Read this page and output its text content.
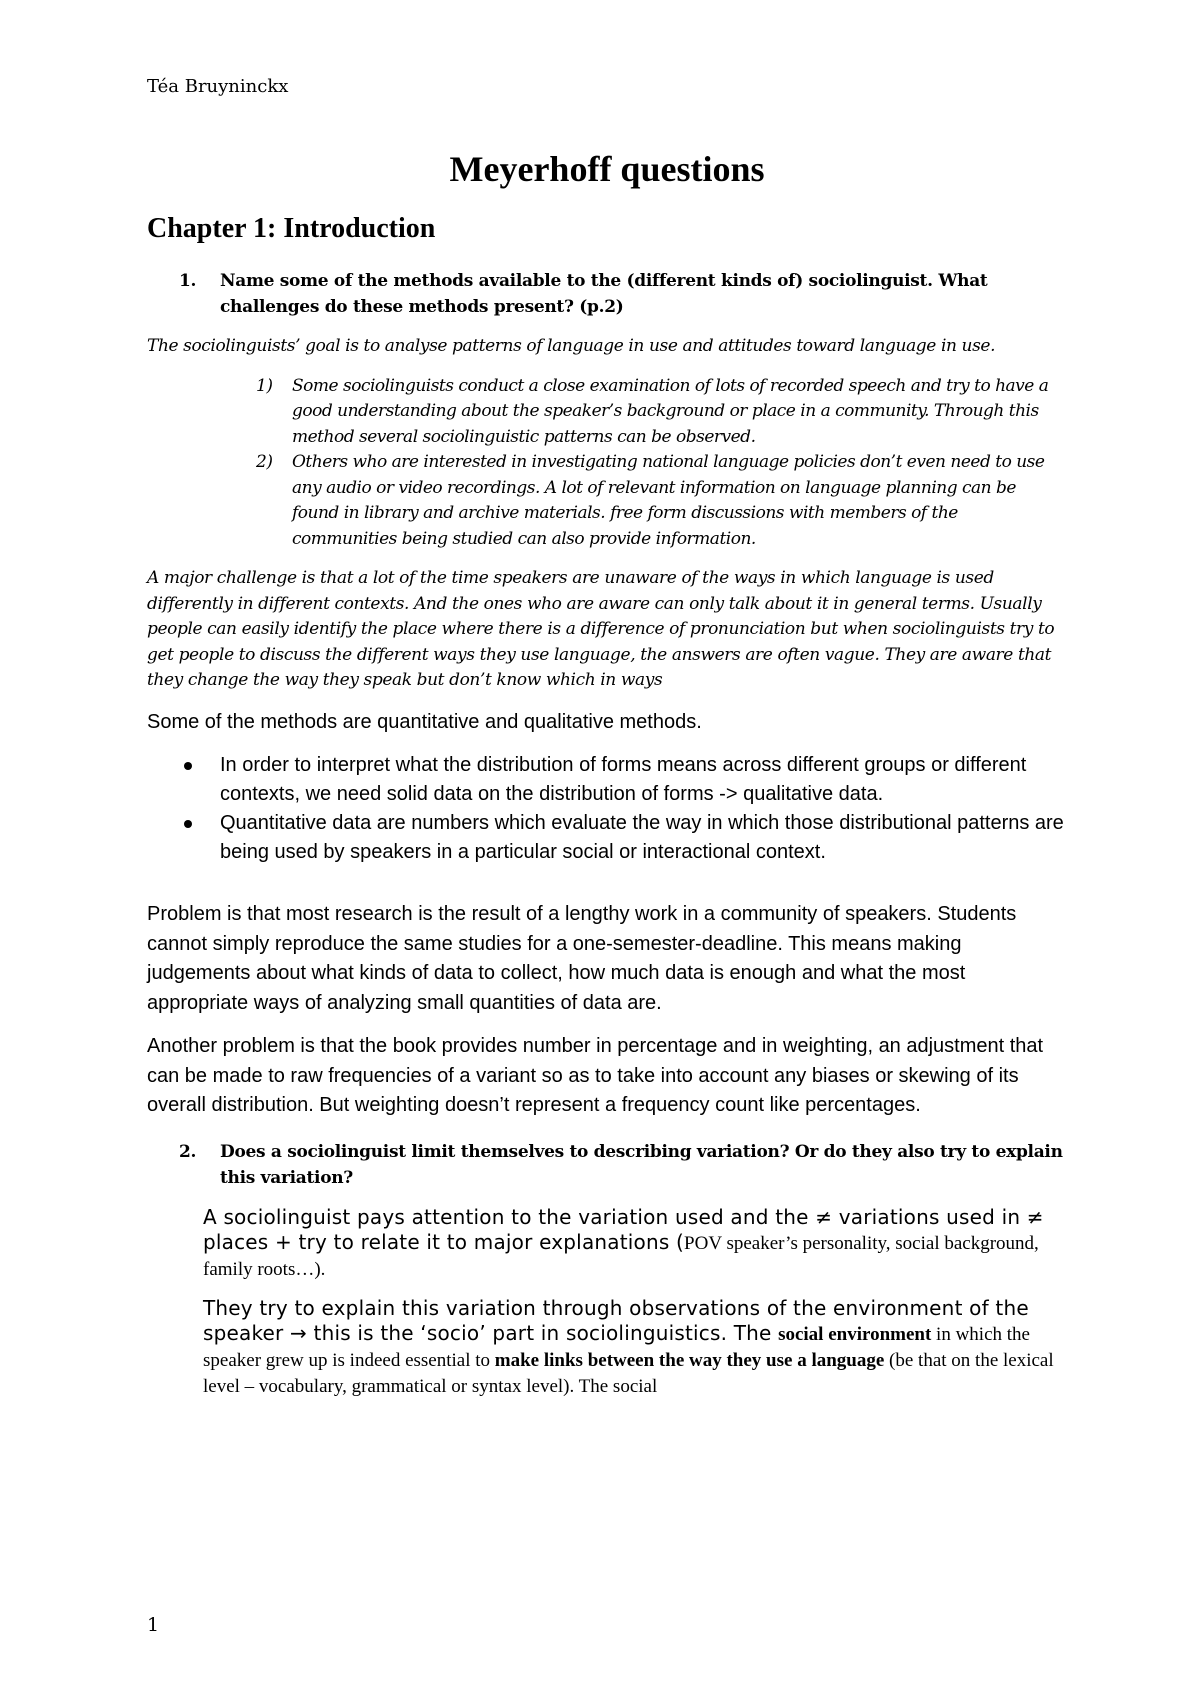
Téa Bruyninckx
Meyerhoff questions
Chapter 1: Introduction

1. Name some of the methods available to the (different kinds of) sociolinguist. What challenges do these methods present? (p.2)

The sociolinguists’ goal is to analyse patterns of language in use and attitudes toward language in use.

1) Some sociolinguists conduct a close examination of lots of recorded speech and try to have a good understanding about the speaker’s background or place in a community. Through this method several sociolinguistic patterns can be observed.
2) Others who are interested in investigating national language policies don’t even need to use any audio or video recordings. A lot of relevant information on language planning can be found in library and archive materials. free form discussions with members of the communities being studied can also provide information.

A major challenge is that a lot of the time speakers are unaware of the ways in which language is used differently in different contexts. And the ones who are aware can only talk about it in general terms. Usually people can easily identify the place where there is a difference of pronunciation but when sociolinguists try to get people to discuss the different ways they use language, the answers are often vague. They are aware that they change the way they speak but don’t know which in ways

Some of the methods are quantitative and qualitative methods.

In order to interpret what the distribution of forms means across different groups or different contexts, we need solid data on the distribution of forms -> qualitative data.
Quantitative data are numbers which evaluate the way in which those distributional patterns are being used by speakers in a particular social or interactional context.

Problem is that most research is the result of a lengthy work in a community of speakers. Students cannot simply reproduce the same studies for a one-semester-deadline. This means making judgements about what kinds of data to collect, how much data is enough and what the most appropriate ways of analyzing small quantities of data are.

Another problem is that the book provides number in percentage and in weighting, an adjustment that can be made to raw frequencies of a variant so as to take into account any biases or skewing of its overall distribution. But weighting doesn’t represent a frequency count like percentages.

2. Does a sociolinguist limit themselves to describing variation? Or do they also try to explain this variation?

A sociolinguist pays attention to the variation used and the ≠ variations used in ≠ places + try to relate it to major explanations (POV speaker’s personality, social background, family roots…).

They try to explain this variation through observations of the environment of the speaker → this is the ‘socio’ part in sociolinguistics. The social environment in which the speaker grew up is indeed essential to make links between the way they use a language (be that on the lexical level – vocabulary, grammatical or syntax level). The social

1
